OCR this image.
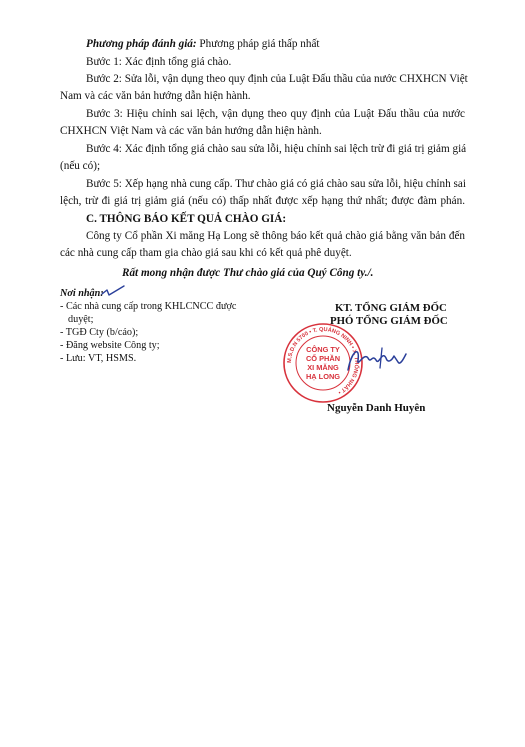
Phương pháp đánh giá: Phương pháp giá thấp nhất
Bước 1: Xác định tổng giá chào.
Bước 2: Sửa lỗi, vận dụng theo quy định của Luật Đấu thầu của nước CHXHCN Việt
Nam và các văn bản hướng dẫn hiện hành.
Bước 3: Hiệu chỉnh sai lệch, vận dụng theo quy định của Luật Đấu thầu của nước
CHXHCN Việt Nam và các văn bản hướng dẫn hiện hành.
Bước 4: Xác định tổng giá chào sau sửa lỗi, hiệu chỉnh sai lệch trừ đi giá trị giảm giá
(nếu có);
Bước 5: Xếp hạng nhà cung cấp. Thư chào giá có giá chào sau sửa lỗi, hiệu chỉnh sai
lệch, trừ đi giá trị giảm giá (nếu có) thấp nhất được xếp hạng thứ nhất; được đàm phán.
C. THÔNG BÁO KẾT QUẢ CHÀO GIÁ:
Công ty Cổ phần Xi măng Hạ Long sẽ thông báo kết quả chào giá bằng văn bản đến
các nhà cung cấp tham gia chào giá sau khi có kết quả phê duyệt.
Rất mong nhận được Thư chào giá của Quý Công ty./.
Nơi nhận:
- Các nhà cung cấp trong KHLCNCC được
duyệt;
- TGĐ Cty (b/cáo);
- Đăng website Công ty;
- Lưu: VT, HSMS.
KT. TỔNG GIÁM ĐỐC
PHÓ TỔNG GIÁM ĐỐC
M.S.D.N 5700 • T. QUẢNG NINH • X. THỐNG NHẤT •
CÔNG TY
CỔ PHẦN
XI MĂNG
HẠ LONG
Nguyễn Danh Huyên
